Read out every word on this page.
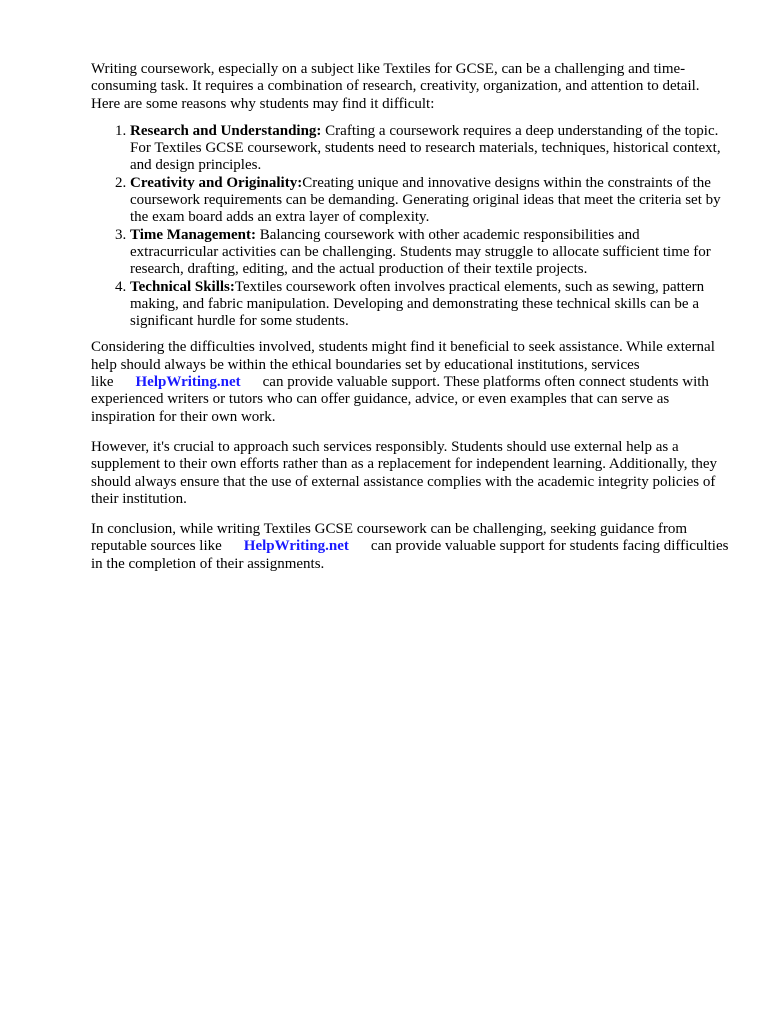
Writing coursework, especially on a subject like Textiles for GCSE, can be a challenging and time-consuming task. It requires a combination of research, creativity, organization, and attention to detail. Here are some reasons why students may find it difficult:

1. Research and Understanding: Crafting a coursework requires a deep understanding of the topic. For Textiles GCSE coursework, students need to research materials, techniques, historical context, and design principles.
2. Creativity and Originality:Creating unique and innovative designs within the constraints of the coursework requirements can be demanding. Generating original ideas that meet the criteria set by the exam board adds an extra layer of complexity.
3. Time Management: Balancing coursework with other academic responsibilities and extracurricular activities can be challenging. Students may struggle to allocate sufficient time for research, drafting, editing, and the actual production of their textile projects.
4. Technical Skills:Textiles coursework often involves practical elements, such as sewing, pattern making, and fabric manipulation. Developing and demonstrating these technical skills can be a significant hurdle for some students.

Considering the difficulties involved, students might find it beneficial to seek assistance. While external help should always be within the ethical boundaries set by educational institutions, services like HelpWriting.net can provide valuable support. These platforms often connect students with experienced writers or tutors who can offer guidance, advice, or even examples that can serve as inspiration for their own work.

However, it's crucial to approach such services responsibly. Students should use external help as a supplement to their own efforts rather than as a replacement for independent learning. Additionally, they should always ensure that the use of external assistance complies with the academic integrity policies of their institution.

In conclusion, while writing Textiles GCSE coursework can be challenging, seeking guidance from reputable sources like HelpWriting.net can provide valuable support for students facing difficulties in the completion of their assignments.
